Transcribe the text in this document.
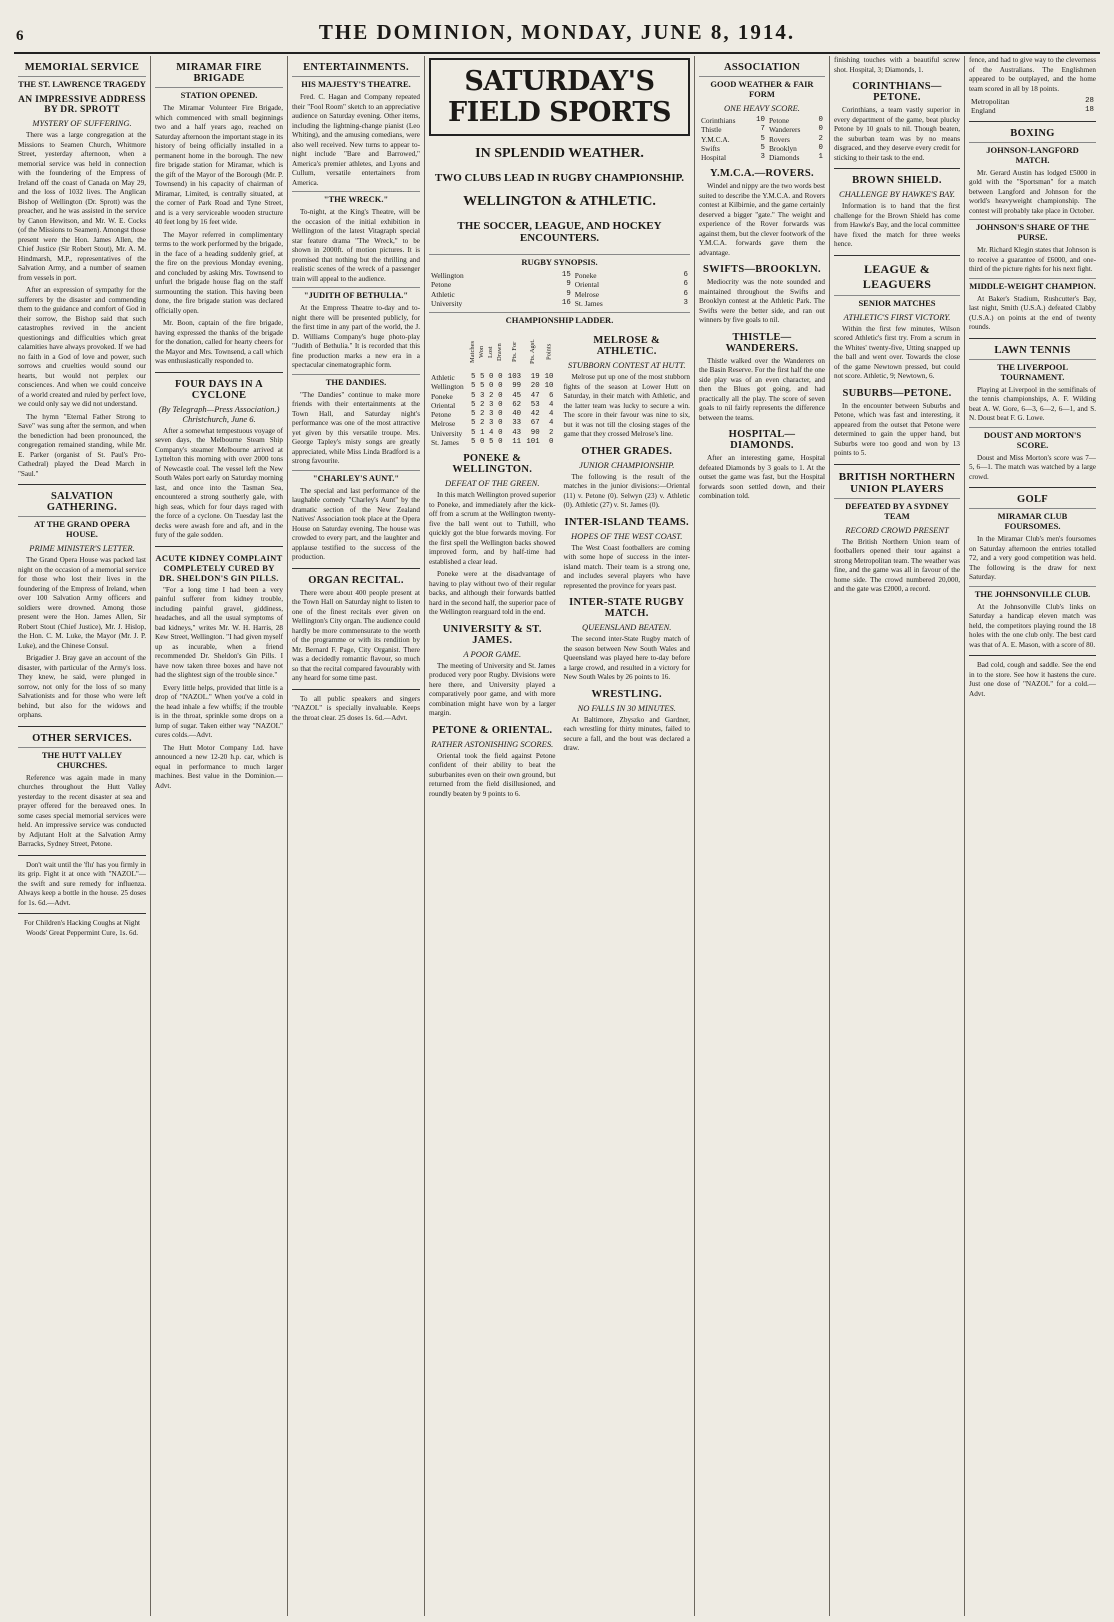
6	THE DOMINION, MONDAY, JUNE 8, 1914.
MEMORIAL SERVICE
THE ST. LAWRENCE TRAGEDY
AN IMPRESSIVE ADDRESS BY DR. SPROTT
MYSTERY OF SUFFERING.

There was a large congregation at the Missions to Seamen Church, Whitmore Street, yesterday afternoon, when a memorial service was held in connection with the foundering of the Empress of Ireland off the coast of Canada on May 29, and the loss of 1032 lives. The Anglican Bishop of Wellington (Dr. Sprott) was the preacher, and he was assisted in the service by Canon Hewitson, and Mr. W. E. Cocks (of the Missions to Seamen). Amongst those present were the Hon. James Allen, the Chief Justice (Sir Robert Stout), Mr. A. M. Hindmarsh, M.P., representatives of the Salvation Army, and a number of seamen from vessels in port.

After an expression of sympathy for the sufferers by the disaster and commending them to the guidance and comfort of God in their sorrow, the Bishop said that such catastrophes revived in the ancient questionings and difficulties which great calamities have always provoked. If we had no faith in a God of love and power, such sorrows and cruelties would sound our hearts, but would not perplex our consciences. And when we could conceive of a world created and ruled by perfect love, we could only say we did not understand.

The hymn "Eternal Father Strong to Save" was sung after the sermon, and when the benediction had been pronounced, the congregation remained standing, while Mr. E. Parker (organist of St. Paul's Pro-Cathedral) played the Dead March in "Saul."

SALVATION GATHERING.
AT THE GRAND OPERA HOUSE.
PRIME MINISTER'S LETTER.

The Grand Opera House was packed last night on the occasion of a memorial service for those who lost their lives in the foundering of the Empress of Ireland, when over 100 Salvation Army officers and soldiers were drowned. Among those present were the Hon. James Allen, Sir Robert Stout (Chief Justice), Mr. J. Hislop, the Hon. C. M. Luke, the Mayor (Mr. J. P. Luke), and the Chinese Consul.

Brigadier J. Bray gave an account of the disaster, with particular of the Army's loss. They knew, he said, were plunged in sorrow, not only for the loss of so many Salvationists and for those who were left behind, but also for the widows and orphans.

OTHER SERVICES.
THE HUTT VALLEY CHURCHES.

Reference was again made in many churches throughout the Hutt Valley yesterday to the recent disaster at sea and prayer offered for the bereaved ones. In some cases special memorial services were held. An impressive service was conducted by Adjutant Holt at the Salvation Army Barracks, Sydney Street, Petone.

Don't wait until the 'flu' has you firmly in its grip. Fight it at once with "NAZOL"—the swift and sure remedy for influenza. Always keep a bottle in the house. 25 doses for 1s. 6d.—Advt.

For Children's Hacking Coughs at Night Woods' Great Peppermint Cure, 1s. 6d.

MIRAMAR FIRE BRIGADE
STATION OPENED.

The Miramar Volunteer Fire Brigade, which commenced with small beginnings two and a half years ago, reached on Saturday afternoon the important stage in its history of being officially installed in a permanent home in the borough. The new fire brigade station for Miramar, which is the gift of the Mayor of the Borough (Mr. P. Townsend) in his capacity of chairman of Miramar, Limited, is centrally situated, at the corner of Park Road and Tyne Street, and is a very serviceable wooden structure 40 feet long by 16 feet wide.

The Mayor referred in complimentary terms to the work performed by the brigade, in the face of a heading suddenly grief, at the fire on the previous Monday evening, and concluded by asking Mrs. Townsend to unfurl the brigade house flag on the staff surmounting the station. This having been done, the fire brigade station was declared officially open.

Mr. Boon, captain of the fire brigade, having expressed the thanks of the brigade for the donation, called for hearty cheers for the Mayor and Mrs. Townsend, a call which was enthusiastically responded to.

FOUR DAYS IN A CYCLONE
(By Telegraph—Press Association.) Christchurch, June 6.

After a somewhat tempestuous voyage of seven days, the Melbourne Steam Ship Company's steamer Melbourne arrived at Lyttelton this morning with over 2000 tons of Newcastle coal. The vessel left the New South Wales port early on Saturday morning last, and once into the Tasman Sea, encountered a strong southerly gale, with high seas, which for four days raged with the force of a cyclone. On Tuesday last the decks were awash fore and aft, and in the fury of the gale sodden.

ACUTE KIDNEY COMPLAINT COMPLETELY CURED BY DR. SHELDON'S GIN PILLS.

"For a long time I had been a very painful sufferer from kidney trouble, including painful gravel, giddiness, headaches, and all the usual symptoms of bad kidneys," writes Mr. W. H. Harris, 28 Kew Street, Wellington. "I had given myself up as incurable, when a friend recommended Dr. Sheldon's Gin Pills. I have now taken three boxes and have not had the slightest sign of the trouble since."

Every little helps, provided that little is a drop of "NAZOL." When you've a cold in the head inhale a few whiffs; if the trouble is in the throat, sprinkle some drops on a lump of sugar. Taken either way "NAZOL" cures colds.—Advt.

The Hutt Motor Company Ltd. have announced a new 12-20 h.p. car, which is equal in performance to much larger machines. Best value in the Dominion.—Advt.

ENTERTAINMENTS.
HIS MAJESTY'S THEATRE.

Fred. C. Hagan and Company repeated their "Fool Room" sketch to an appreciative audience on Saturday evening. Other items, including the lightning-change pianist (Leo Whiting), and the amusing comedians, were also well received. New turns to appear to-night include "Bare and Barrowed," America's premier athletes, and Lyons and Cullum, versatile entertainers from America.

"THE WRECK."

To-night, at the King's Theatre, will be the occasion of the initial exhibition in Wellington of the latest Vitagraph special star feature drama "The Wreck," to be shown in 2000ft. of motion pictures. It is promised that nothing but the thrilling and realistic scenes of the wreck of a passenger train will appeal to the audience.

"JUDITH OF BETHULIA."

At the Empress Theatre to-day and to-night there will be presented publicly, for the first time in any part of the world, the J. D. Williams Company's huge photo-play "Judith of Bethulia." It is recorded that this fine production marks a new era in a spectacular cinematographic form.

THE DANDIES.

"The Dandies" continue to make more friends with their entertainments at the Town Hall, and Saturday night's performance was one of the most attractive yet given by this versatile troupe. Mrs. George Tapley's misty songs are greatly appreciated, while Miss Linda Bradford is a strong favourite.

"CHARLEY'S AUNT."

The special and last performance of the laughable comedy "Charley's Aunt" by the dramatic section of the New Zealand Natives' Association took place at the Opera House on Saturday evening. The house was crowded to every part, and the laughter and applause testified to the success of the production.

ORGAN RECITAL.

There were about 400 people present at the Town Hall on Saturday night to listen to one of the finest recitals ever given on Wellington's City organ. The audience could hardly be more commensurate to the worth of the programme or with its rendition by Mr. Bernard F. Page, City Organist. There was a decidedly romantic flavour, so much so that the recital compared favourably with any heard for some time past.

To all public speakers and singers "NAZOL" is specially invaluable. Keeps the throat clear. 25 doses 1s. 6d.—Advt.

SATURDAY'S FIELD SPORTS
IN SPLENDID WEATHER.
TWO CLUBS LEAD IN RUGBY CHAMPIONSHIP.
WELLINGTON & ATHLETIC.
THE SOCCER, LEAGUE, AND HOCKEY ENCOUNTERS.
RUGBY SYNOPSIS.
Wellington	15	Poneke	6
Petone	9	Oriental	6
Athletic	9	Melrose	6
University	16	St. James	3
CHAMPIONSHIP LADDER.
	Matches	Won	Lost	Drawn	Pts. For	Pts. Agst.	Points
Athletic	5	5	0	0	103	19	10
Wellington	5	5	0	0	99	20	10
Poneke	5	3	2	0	45	47	6
Oriental	5	2	3	0	62	53	4
Petone	5	2	3	0	40	42	4
Melrose	5	2	3	0	33	67	4
University	5	1	4	0	43	90	2
St. James	5	0	5	0	11	101	0
PONEKE & WELLINGTON.
DEFEAT OF THE GREEN.

In this match Wellington proved superior to Poneke, and immediately after the kick-off from a scrum at the Wellington twenty-five the ball went out to Tuthill, who quickly got the blue forwards moving. For the first spell the Wellington backs showed improved form, and by half-time had established a clear lead.

Poneke were at the disadvantage of having to play without two of their regular backs, and although their forwards battled hard in the second half, the superior pace of the Wellington rearguard told in the end.

UNIVERSITY & ST. JAMES.
A POOR GAME.

The meeting of University and St. James produced very poor Rugby. Divisions were here there, and University played a comparatively poor game, and with more combination might have won by a larger margin.

PETONE & ORIENTAL.
RATHER ASTONISHING SCORES.

Oriental took the field against Petone confident of their ability to beat the suburbanites even on their own ground, but returned from the field disillusioned, and roundly beaten by 9 points to 6.

MELROSE & ATHLETIC.
STUBBORN CONTEST AT HUTT.

Melrose put up one of the most stubborn fights of the season at Lower Hutt on Saturday, in their match with Athletic, and the latter team was lucky to secure a win. The score in their favour was nine to six, but it was not till the closing stages of the game that they crossed Melrose's line.

OTHER GRADES.
JUNIOR CHAMPIONSHIP.

The following is the result of the matches in the junior divisions:—Oriental (11) v. Petone (0). Selwyn (23) v. Athletic (0). Athletic (27) v. St. James (0).

INTER-ISLAND TEAMS.
HOPES OF THE WEST COAST.

The West Coast footballers are coming with some hope of success in the inter-island match. Their team is a strong one, and includes several players who have represented the province for years past.

INTER-STATE RUGBY MATCH.
QUEENSLAND BEATEN.

The second inter-State Rugby match of the season between New South Wales and Queensland was played here to-day before a large crowd, and resulted in a victory for New South Wales by 26 points to 16.

WRESTLING.
NO FALLS IN 30 MINUTES.

At Baltimore, Zbyszko and Gardner, each wrestling for thirty minutes, failed to secure a fall, and the bout was declared a draw.

ASSOCIATION
GOOD WEATHER & FAIR FORM
ONE HEAVY SCORE.
Corinthians	10	Petone	0
Thistle	7	Wanderers	0
Y.M.C.A.	5	Rovers	2
Swifts	5	Brooklyn	0
Hospital	3	Diamonds	1
Y.M.C.A.—ROVERS.

Windel and nippy are the two words best suited to describe the Y.M.C.A. and Rovers contest at Kilbirnie, and the game certainly deserved a bigger "gate." The weight and experience of the Rover forwards was against them, but the clever footwork of the Y.M.C.A. forwards gave them the advantage.

SWIFTS—BROOKLYN.

Mediocrity was the note sounded and maintained throughout the Swifts and Brooklyn contest at the Athletic Park. The Swifts were the better side, and ran out winners by five goals to nil.

THISTLE—WANDERERS.

Thistle walked over the Wanderers on the Basin Reserve. For the first half the one side play was of an even character, and then the Blues got going, and had practically all the play. The score of seven goals to nil fairly represents the difference between the teams.

HOSPITAL—DIAMONDS.

After an interesting game, Hospital defeated Diamonds by 3 goals to 1. At the outset the game was fast, but the Hospital forwards soon settled down, and their combination told.

finishing touches with a beautiful screw shot. Hospital, 3; Diamonds, 1.

CORINTHIANS—PETONE.

Corinthians, a team vastly superior in every department of the game, beat plucky Petone by 10 goals to nil. Though beaten, the suburban team was by no means disgraced, and they deserve every credit for sticking to their task to the end.

BROWN SHIELD.
CHALLENGE BY HAWKE'S BAY.

Information is to hand that the first challenge for the Brown Shield has come from Hawke's Bay, and the local committee have fixed the match for three weeks hence.

LEAGUE & LEAGUERS
SENIOR MATCHES
ATHLETIC'S FIRST VICTORY.

Within the first few minutes, Wilson scored Athletic's first try. From a scrum in the Whites' twenty-five, Utting snapped up the ball and went over. Towards the close of the game Newtown pressed, but could not score. Athletic, 9; Newtown, 6.

SUBURBS—PETONE.

In the encounter between Suburbs and Petone, which was fast and interesting, it appeared from the outset that Petone were determined to gain the upper hand, but Suburbs were too good and won by 13 points to 5.

BRITISH NORTHERN UNION PLAYERS
DEFEATED BY A SYDNEY TEAM
RECORD CROWD PRESENT

The British Northern Union team of footballers opened their tour against a strong Metropolitan team. The weather was fine, and the game was all in favour of the home side. The crowd numbered 20,000, and the gate was £2000, a record.

fence, and had to give way to the cleverness of the Australians. The Englishmen appeared to be outplayed, and the home team scored in all by 18 points.

Metropolitan	28
England	18
BOXING
JOHNSON-LANGFORD MATCH.

Mr. Gerard Austin has lodged £5000 in gold with the "Sportsman" for a match between Langford and Johnson for the world's heavyweight championship. The contest will probably take place in October.

JOHNSON'S SHARE OF THE PURSE.

Mr. Richard Klegin states that Johnson is to receive a guarantee of £6000, and one-third of the picture rights for his next fight.

MIDDLE-WEIGHT CHAMPION.

At Baker's Stadium, Rushcutter's Bay, last night, Smith (U.S.A.) defeated Clabby (U.S.A.) on points at the end of twenty rounds.

LAWN TENNIS
THE LIVERPOOL TOURNAMENT.

Playing at Liverpool in the semifinals of the tennis championships, A. F. Wilding beat A. W. Gore, 6—3, 6—2, 6—1, and S. N. Doust beat F. G. Lowe.

DOUST AND MORTON'S SCORE.

Doust and Miss Morton's score was 7—5, 6—1. The match was watched by a large crowd.

GOLF
MIRAMAR CLUB FOURSOMES.

In the Miramar Club's men's foursomes on Saturday afternoon the entries totalled 72, and a very good competition was held. The following is the draw for next Saturday.

THE JOHNSONVILLE CLUB.

At the Johnsonville Club's links on Saturday a handicap eleven match was held, the competitors playing round the 18 holes with the one club only. The best card was that of A. E. Mason, with a score of 80.

Bad cold, cough and saddle. See the end in to the store. See how it hastens the cure. Just one dose of "NAZOL" for a cold.—Advt.
